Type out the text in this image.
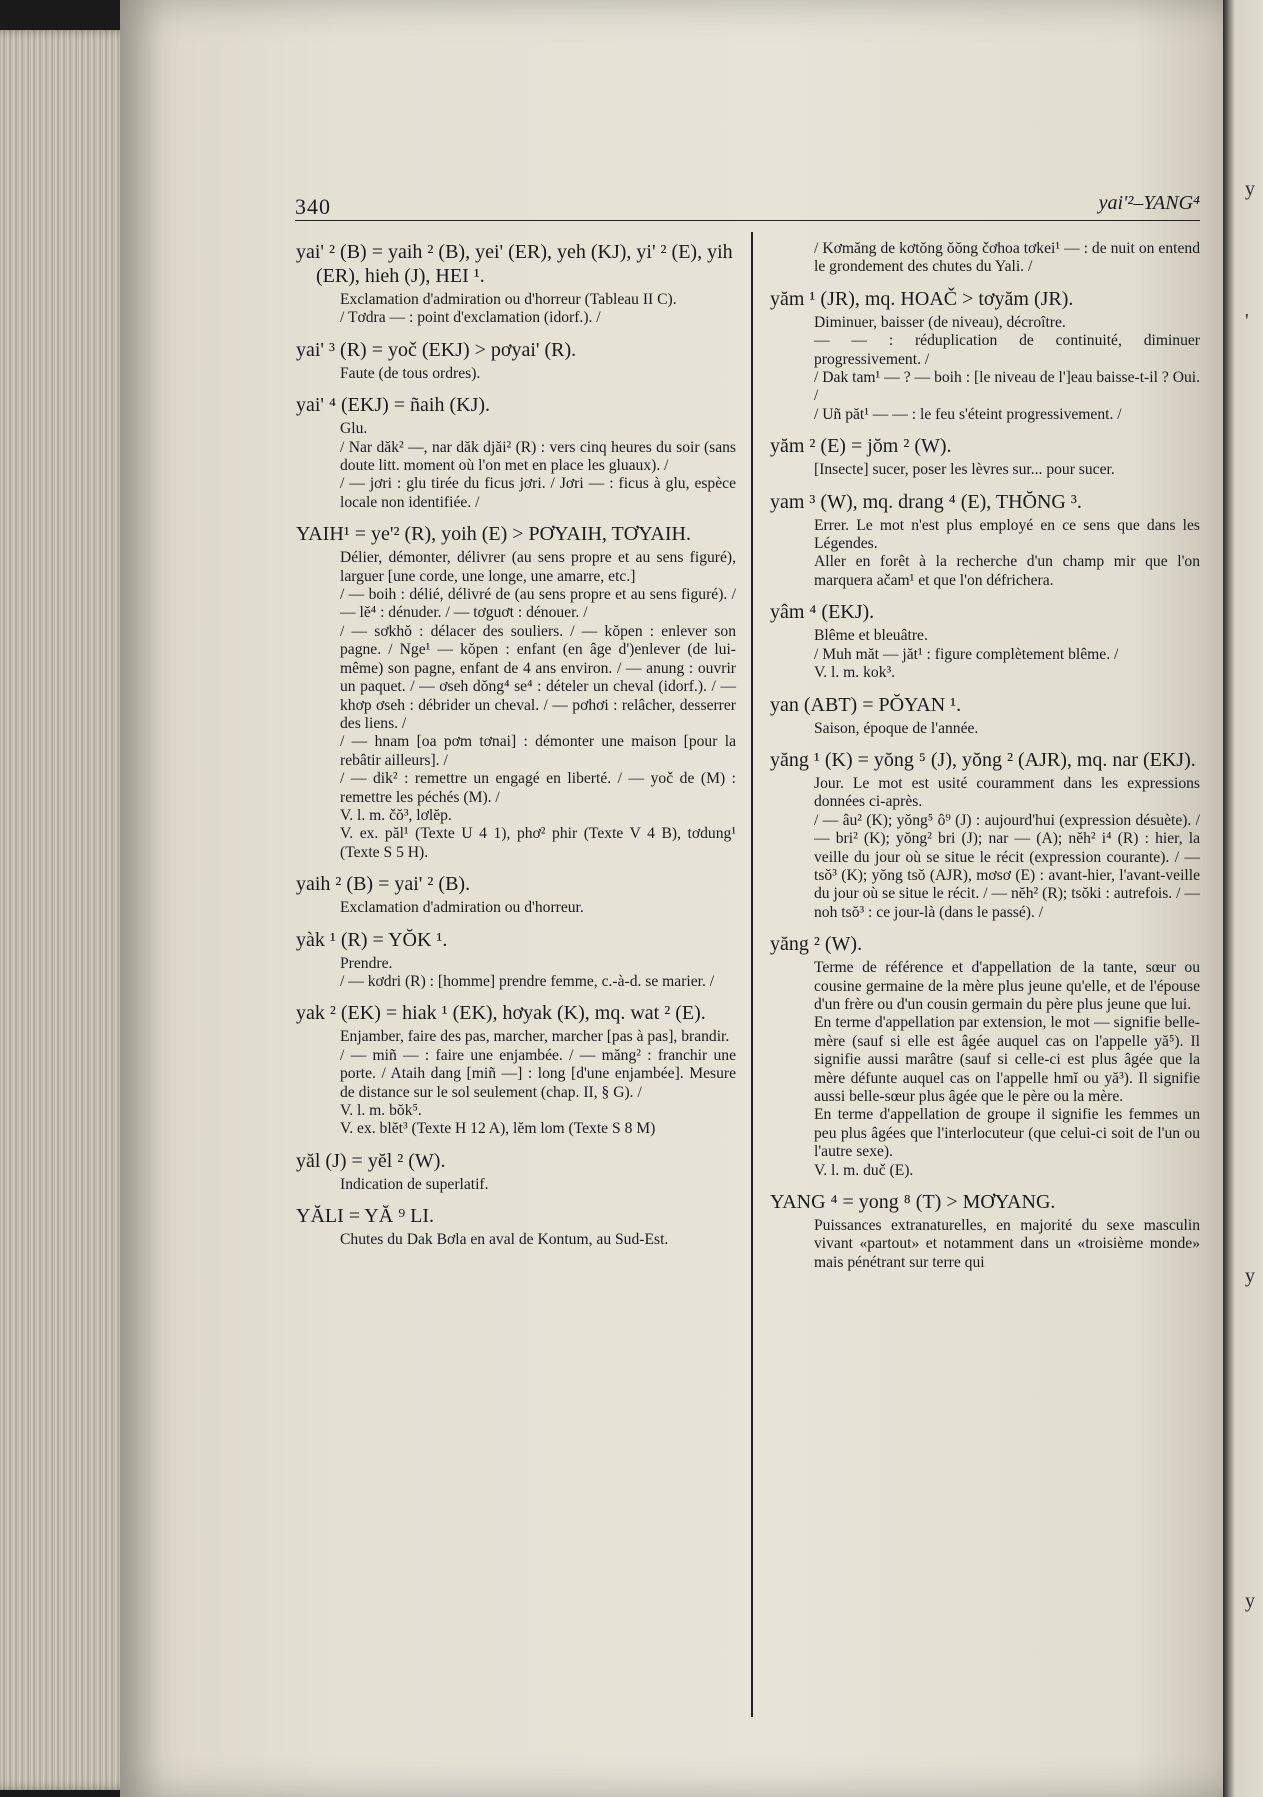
y
'
y
y
340	yai'²–YANG⁴
yai' ² (B) = yaih ² (B), yei' (ER), yeh (KJ), yi' ² (E), yih (ER), hieh (J), HEI ¹.

Exclamation d'admiration ou d'horreur (Tableau II C).

/ Tơdra — : point d'exclamation (idorf.). /

yai' ³ (R) = yoč (EKJ) > pơyai' (R).

Faute (de tous ordres).

yai' ⁴ (EKJ) = ñaih (KJ).

Glu.

/ Nar dăk² —, nar dăk djăi² (R) : vers cinq heures du soir (sans doute litt. moment où l'on met en place les gluaux). /

/ — jơri : glu tirée du ficus jơri. / Jơri — : ficus à glu, espèce locale non identifiée. /

YAIH¹ = ye'² (R), yoih (E) > PƠYAIH, TƠYAIH.

Délier, démonter, délivrer (au sens propre et au sens figuré), larguer [une corde, une longe, une amarre, etc.]

/ — boih : délié, délivré de (au sens propre et au sens figuré). / — lĕ⁴ : dénuder. / — tơguơt : dénouer. /

/ — sơkhŏ : délacer des souliers. / — kŏpen : enlever son pagne. / Nge¹ — kŏpen : enfant (en âge d')enlever (de lui-même) son pagne, enfant de 4 ans environ. / — anung : ouvrir un paquet. / — ơseh dŏng⁴ se⁴ : dételer un cheval (idorf.). / — khơp ơseh : débrider un cheval. / — pơhơi : relâcher, desserrer des liens. /

/ — hnam [oa pơm tơnai] : démonter une maison [pour la rebâtir ailleurs]. /

/ — dik² : remettre un engagé en liberté. / — yoč de (M) : remettre les péchés (M). /

V. l. m. čŏ³, lơlĕp.

V. ex. păl¹ (Texte U 4 1), phơ² phir (Texte V 4 B), tơdung¹ (Texte S 5 H).

yaih ² (B) = yai' ² (B).

Exclamation d'admiration ou d'horreur.

yàk ¹ (R) = YŎK ¹.

Prendre.

/ — kơdri (R) : [homme] prendre femme, c.-à-d. se marier. /

yak ² (EK) = hiak ¹ (EK), hơyak (K), mq. wat ² (E).

Enjamber, faire des pas, marcher, marcher [pas à pas], brandir.

/ — miñ — : faire une enjambée. / — măng² : franchir une porte. / Ataih dang [miñ —] : long [d'une enjambée]. Mesure de distance sur le sol seulement (chap. II, § G). /

V. l. m. bŏk⁵.

V. ex. blĕt³ (Texte H 12 A), lĕm lom (Texte S 8 M)

yăl (J) = yĕl ² (W).

Indication de superlatif.

YĂLI = YĂ ⁹ LI.

Chutes du Dak Bơla en aval de Kontum, au Sud-Est.

/ Kơmăng de kơtŏng ŏŏng čơhoa tơkei¹ — : de nuit on entend le grondement des chutes du Yali. /

yăm ¹ (JR), mq. HOAČ > tơyăm (JR).

Diminuer, baisser (de niveau), décroître.

— — : réduplication de continuité, diminuer progressivement. /

/ Dak tam¹ — ? — boih : [le niveau de l']eau baisse-t-il ? Oui. /

/ Uñ păt¹ — — : le feu s'éteint progressivement. /

yăm ² (E) = jŏm ² (W).

[Insecte] sucer, poser les lèvres sur... pour sucer.

yam ³ (W), mq. drang ⁴ (E), THŎNG ³.

Errer. Le mot n'est plus employé en ce sens que dans les Légendes.

Aller en forêt à la recherche d'un champ mir que l'on marquera ačam¹ et que l'on défrichera.

yâm ⁴ (EKJ).

Blême et bleuâtre.

/ Muh măt — jăt¹ : figure complètement blême. /

V. l. m. kok³.

yan (ABT) = PŎYAN ¹.

Saison, époque de l'année.

yăng ¹ (K) = yŏng ⁵ (J), yŏng ² (AJR), mq. nar (EKJ).

Jour. Le mot est usité couramment dans les expressions données ci-après.

/ — âu² (K); yŏng⁵ ô⁹ (J) : aujourd'hui (expression désuète). / — bri² (K); yŏng² bri (J); nar — (A); nĕh² i⁴ (R) : hier, la veille du jour où se situe le récit (expression courante). / — tsŏ³ (K); yŏng tsŏ (AJR), mơsơ (E) : avant-hier, l'avant-veille du jour où se situe le récit. / — nĕh² (R); tsŏki : autrefois. / — noh tsŏ³ : ce jour-là (dans le passé). /

yăng ² (W).

Terme de référence et d'appellation de la tante, sœur ou cousine germaine de la mère plus jeune qu'elle, et de l'épouse d'un frère ou d'un cousin germain du père plus jeune que lui.

En terme d'appellation par extension, le mot — signifie belle-mère (sauf si elle est âgée auquel cas on l'appelle yă⁵). Il signifie aussi marâtre (sauf si celle-ci est plus âgée que la mère défunte auquel cas on l'appelle hmĭ ou yă³). Il signifie aussi belle-sœur plus âgée que le père ou la mère.

En terme d'appellation de groupe il signifie les femmes un peu plus âgées que l'interlocuteur (que celui-ci soit de l'un ou l'autre sexe).

V. l. m. duč (E).

YANG ⁴ = yong ⁸ (T) > MƠYANG.

Puissances extranaturelles, en majorité du sexe masculin vivant «partout» et notamment dans un «troisième monde» mais pénétrant sur terre qui
